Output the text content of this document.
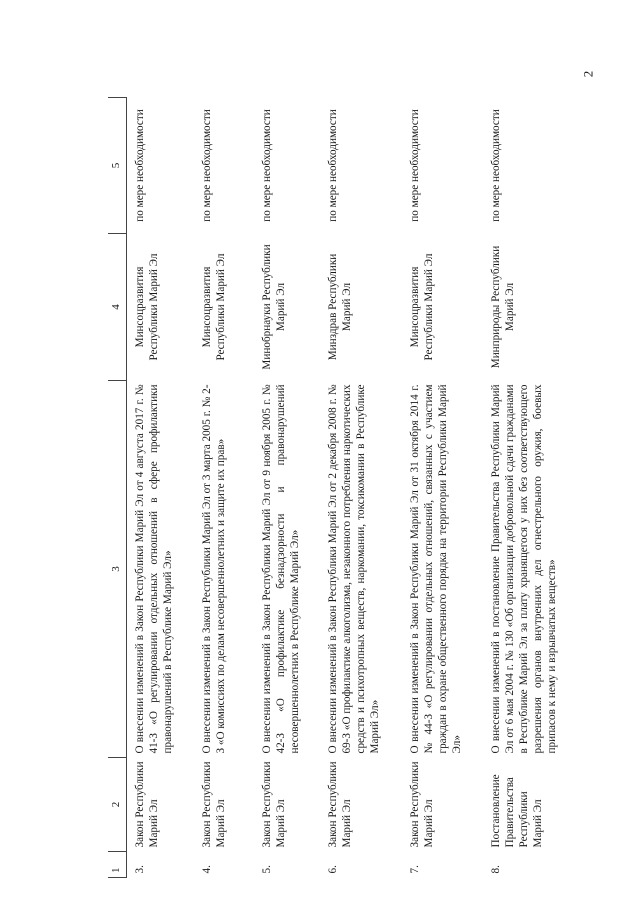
2
1	2	3	4	5
3.	Закон Республики Марий Эл	О внесении изменений в Закон Республики Марий Эл от 4 августа 2017 г. № 41-З «О регулировании отдельных отношений в сфере профилактики правонарушений в Республике Марий Эл»	Минсоцразвития Республики Марий Эл	по мере необходимости
4.	Закон Республики Марий Эл	О внесении изменений в Закон Республики Марий Эл от 3 марта 2005 г. № 2-З «О комиссиях по делам несовершеннолетних и защите их прав»	Минсоцразвития Республики Марий Эл	по мере необходимости
5.	Закон Республики Марий Эл	О внесении изменений в Закон Республики Марий Эл от 9 ноября 2005 г. № 42-З «О профилактике безнадзорности и правонарушений несовершеннолетних в Республике Марий Эл»	Минобрнауки Республики Марий Эл	по мере необходимости
6.	Закон Республики Марий Эл	О внесении изменений в Закон Республики Марий Эл от 2 декабря 2008 г. № 69-З «О профилактике алкоголизма, незаконного потребления наркотических средств и психотропных веществ, наркомании, токсикомании в Республике Марий Эл»	Минздрав Республики Марий Эл	по мере необходимости
7.	Закон Республики Марий Эл	О внесении изменений в Закон Республики Марий Эл от 31 октября 2014 г. № 44-З «О регулировании отдельных отношений, связанных с участием граждан в охране общественного порядка на территории Республики Марий Эл»	Минсоцразвития Республики Марий Эл	по мере необходимости
8.	Постановление Правительства Республики Марий Эл	О внесении изменений в постановление Правительства Республики Марий Эл от 6 мая 2004 г. № 130 «Об организации добровольной сдачи гражданами в Республике Марий Эл за плату хранящегося у них без соответствующего разрешения органов внутренних дел огнестрельного оружия, боевых припасов к нему и взрывчатых веществ»	Минприроды Республики Марий Эл	по мере необходимости
